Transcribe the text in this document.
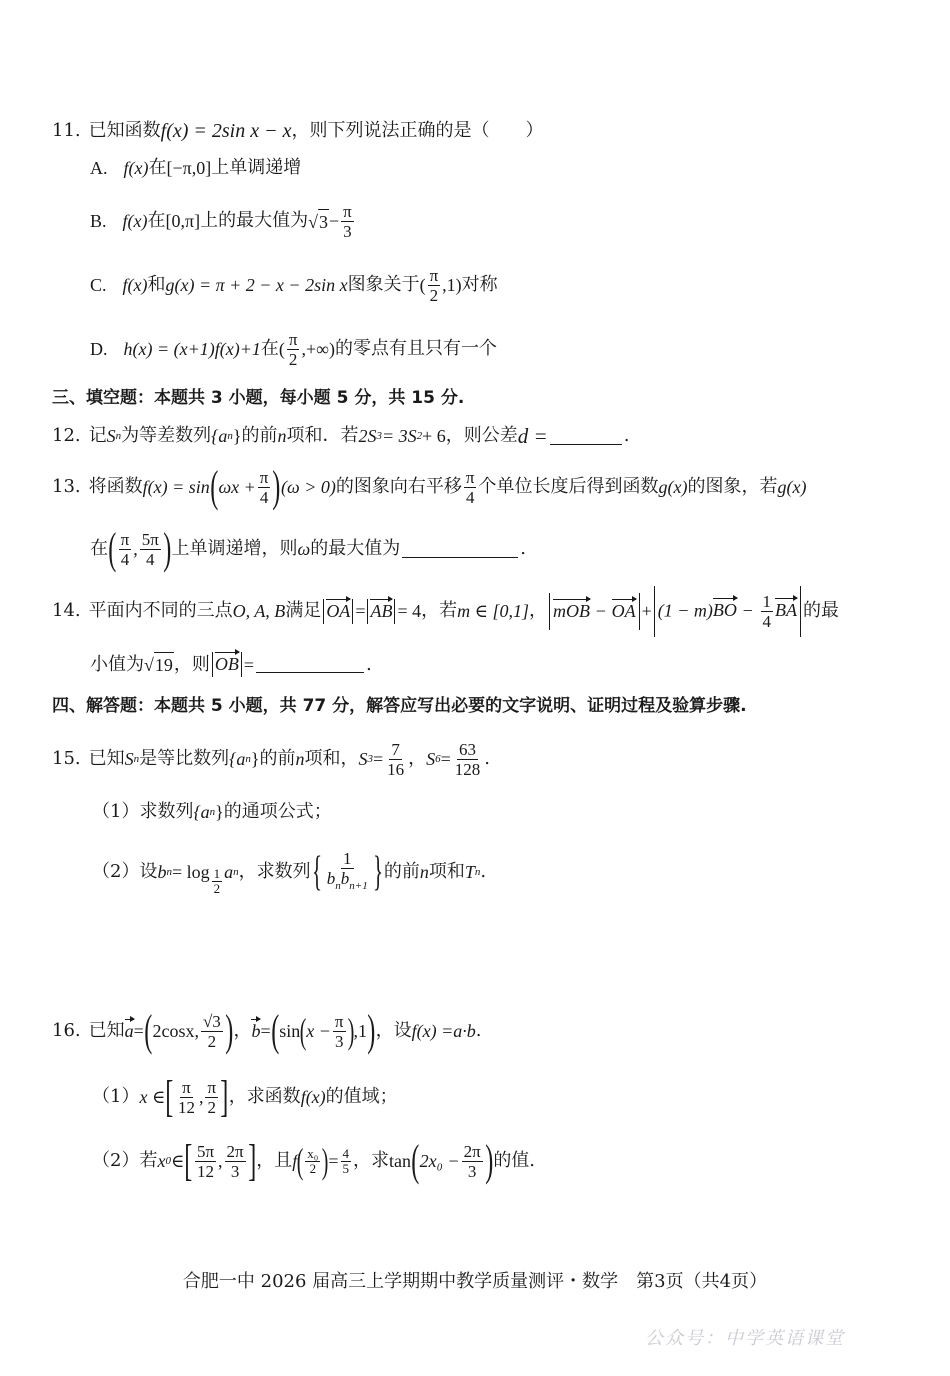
11. 已知函数 f(x) = 2sin x − x ，则下列说法正确的是（　　）
A. f(x) 在 [−π,0] 上单调递增
B. f(x) 在 [0,π] 上的最大值为 √ $3 - \frac{\pi}{3}$
C. f(x) 和 g(x) = π + 2 − x − 2sin x 图象关于 ( $\frac{\pi}{2} ,1$) 对称
D. h(x) = (x+1)f(x)+1 在 ( $\frac{\pi}{2}$ ,+∞) 的零点有且只有一个
三、填空题：本题共 3 小题，每小题 5 分，共 15 分.
12. 记 S n 为等差数列 {a n } 的前 n 项和．若 2S 3 = 3S 2 + 6 ，则公差 d =	.
13. 将函数 f(x) = sin ( $\omega x + \frac{\pi}{4}$ ) (ω > 0) 的图象向右平移 $\frac{\pi}{4}$ 个单位长度后得到函数 g(x) 的图象，若 g(x)
在 ( $\frac{\pi}{4}$ , $\frac{5\pi}{4}$ ) 上单调递增，则 ω 的最大值为	.
14. 平面内不同的三点 O, A, B 满足 OA = AB = 4 ，若 m ∈ [0,1] ， mOB − OA + $(1 - m)BO - \frac{1}{4}$ BA 的最
小值为 √ 19 ，则 OB =	.
四、解答题：本题共 5 小题，共 77 分，解答应写出必要的文字说明、证明过程及验算步骤.
15. 已知 S n 是等比数列 {a n } 的前 n 项和， S $3 = \frac{7}{16}$ ， S $6 = \frac{63}{128}$ .
（1） 求数列 {a n } 的通项公式；
（2） 设 b $n = \log \frac{1}{2}$ a n ，求数列 { $\frac{1}{b_nb_{n+1}}$ } 的前 n 项和 T n .
16. 已知 a = ( 2cosx, $\frac{√3}{2}$ ) ， b = ( sin ( $x - \frac{\pi}{3}$ ) ,1 ) ，设 f(x) = a·b .
（1） x ∈ [ $\frac{\pi}{12}$ , $\frac{\pi}{2}$ ] ，求函数 f(x) 的值域；
（2） 若 x 0 ∈ [ $\frac{5\pi}{12}$ , $\frac{2\pi}{3}$ ] ，且 f ( $\frac{\text{x₀}}{2}$ ) = $\frac{4}{5}$ ，求 tan ( $2x_0 - \frac{2\pi}{3}$ ) 的值.
合肥一中 2026 届高三上学期期中教学质量测评・数学　第3页（共4页）
公众号：中学英语课堂
